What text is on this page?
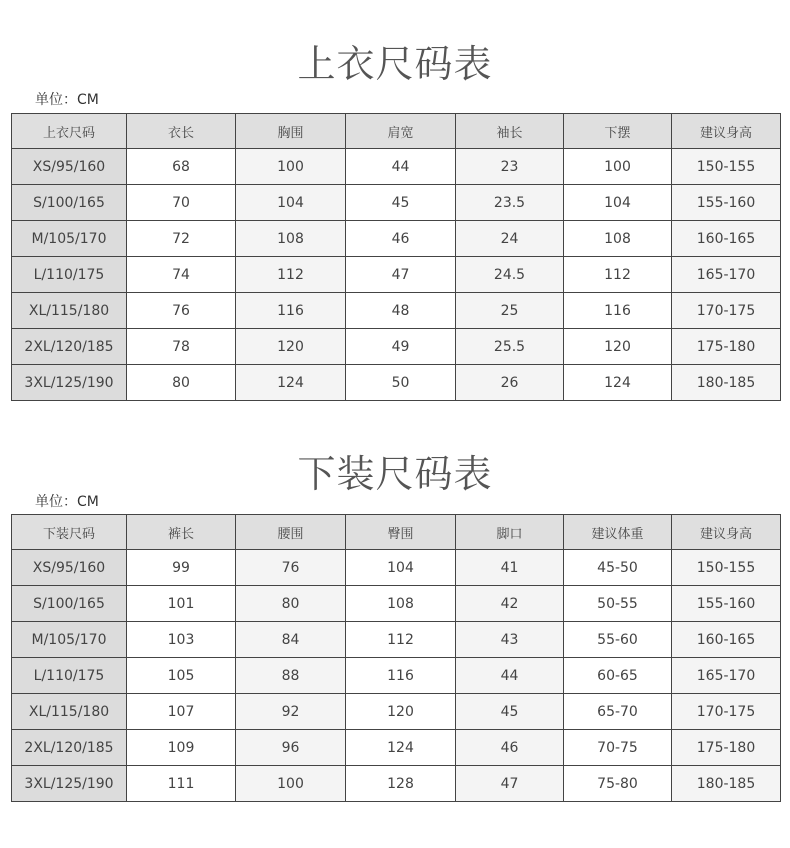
上衣尺码表
单位：CM
上衣尺码	衣长	胸围	肩宽	袖长	下摆	建议身高
XS/95/160	68	100	44	23	100	150-155
S/100/165	70	104	45	23.5	104	155-160
M/105/170	72	108	46	24	108	160-165
L/110/175	74	112	47	24.5	112	165-170
XL/115/180	76	116	48	25	116	170-175
2XL/120/185	78	120	49	25.5	120	175-180
3XL/125/190	80	124	50	26	124	180-185
下装尺码表
单位：CM
下装尺码	裤长	腰围	臀围	脚口	建议体重	建议身高
XS/95/160	99	76	104	41	45-50	150-155
S/100/165	101	80	108	42	50-55	155-160
M/105/170	103	84	112	43	55-60	160-165
L/110/175	105	88	116	44	60-65	165-170
XL/115/180	107	92	120	45	65-70	170-175
2XL/120/185	109	96	124	46	70-75	175-180
3XL/125/190	111	100	128	47	75-80	180-185
